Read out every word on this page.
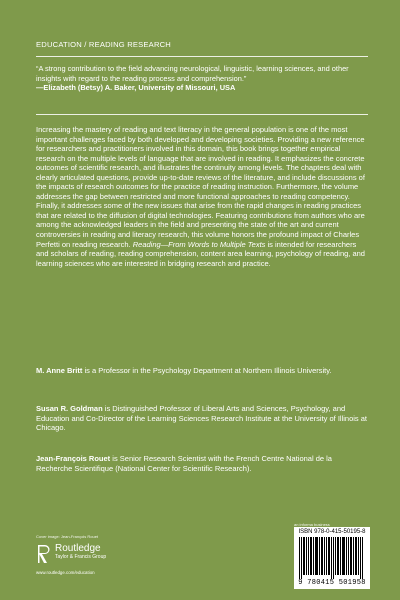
EDUCATION / READING RESEARCH
“A strong contribution to the field advancing neurological, linguistic, learning sciences, and other insights with regard to the reading process and comprehension.”
—Elizabeth (Betsy) A. Baker, University of Missouri, USA
Increasing the mastery of reading and text literacy in the general population is one of the most important challenges faced by both developed and developing societies. Providing a new reference for researchers and practitioners involved in this domain, this book brings together empirical research on the multiple levels of language that are involved in reading. It emphasizes the concrete outcomes of scientific research, and illustrates the continuity among levels. The chapters deal with clearly articulated questions, provide up-to-date reviews of the literature, and include discussions of the impacts of research outcomes for the practice of reading instruction. Furthermore, the volume addresses the gap between restricted and more functional approaches to reading competency. Finally, it addresses some of the new issues that arise from the rapid changes in reading practices that are related to the diffusion of digital technologies. Featuring contributions from authors who are among the acknowledged leaders in the field and presenting the state of the art and current controversies in reading and literacy research, this volume honors the profound impact of Charles Perfetti on reading research. Reading—From Words to Multiple Texts is intended for researchers and scholars of reading, reading comprehension, content area learning, psychology of reading, and learning sciences who are interested in bridging research and practice.
M. Anne Britt is a Professor in the Psychology Department at Northern Illinois University.
Susan R. Goldman is Distinguished Professor of Liberal Arts and Sciences, Psychology, and Education and Co-Director of the Learning Sciences Research Institute at the University of Illinois at Chicago.
Jean-François Rouet is Senior Research Scientist with the French Centre National de la Recherche Scientifique (National Center for Scientific Research).
Cover image: Jean-François Rouet
Routledge
Taylor & Francis Group
www.routledge.com/education
an informa business
ISBN 978-0-415-50195-8
9 780415 501958
